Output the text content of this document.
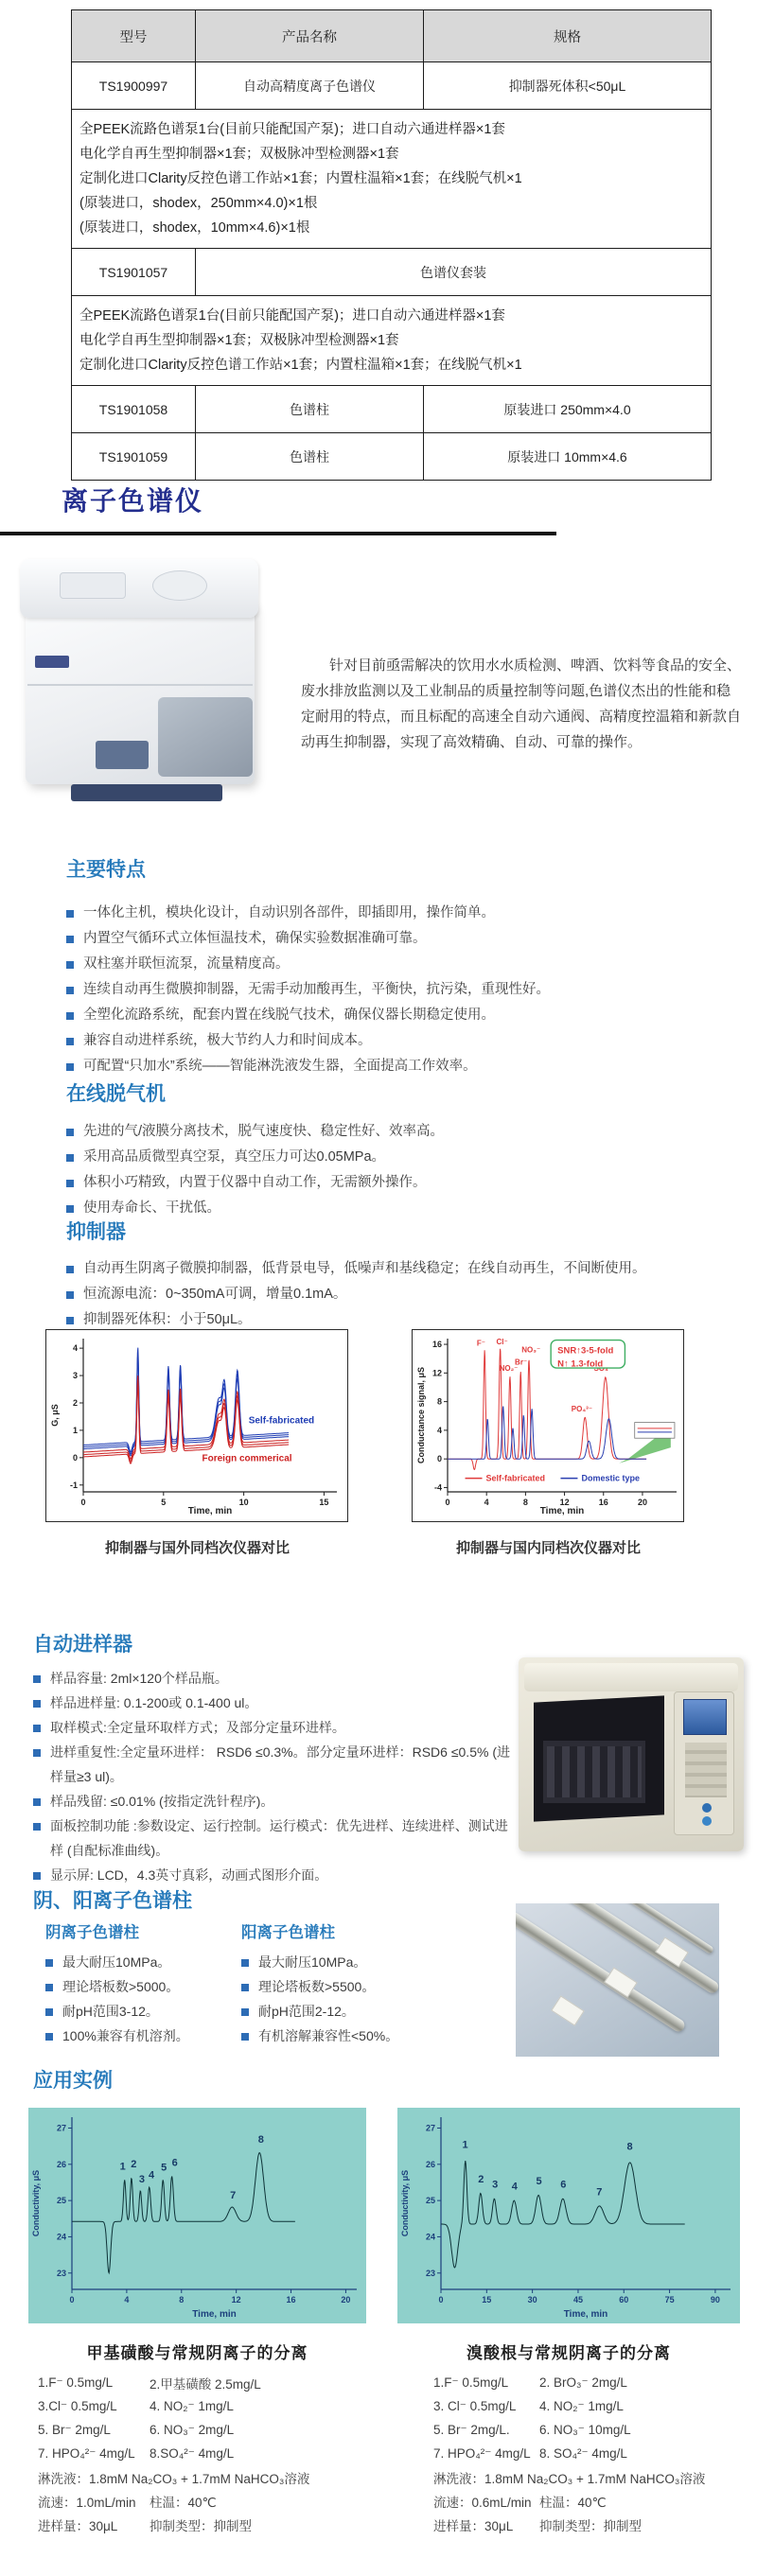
型号	产品名称	规格
TS1900997	自动高精度离子色谱仪	抑制器死体积<50μL

全PEEK流路色谱泵1台(目前只能配国产泵)；进口自动六通进样器×1套
电化学自再生型抑制器×1套；双极脉冲型检测器×1套
定制化进口Clarity反控色谱工作站×1套；内置柱温箱×1套；在线脱气机×1
(原装进口，shodex，250mm×4.0)×1根
(原装进口，shodex，10mm×4.6)×1根		

TS1901057	色谱仪套装	

全PEEK流路色谱泵1台(目前只能配国产泵)；进口自动六通进样器×1套
电化学自再生型抑制器×1套；双极脉冲型检测器×1套
定制化进口Clarity反控色谱工作站×1套；内置柱温箱×1套；在线脱气机×1		

TS1901058	色谱柱	原装进口 250mm×4.0
TS1901059	色谱柱	原装进口 10mm×4.6
离子色谱仪

针对目前亟需解决的饮用水水质检测、啤酒、饮料等食品的安全、废水排放监测以及工业制品的质量控制等问题,色谱仪杰出的性能和稳定耐用的特点，而且标配的高速全自动六通阀、高精度控温箱和新款自动再生抑制器，实现了高效精确、自动、可靠的操作。

主要特点
一体化主机，模块化设计，自动识别各部件，即插即用，操作简单。
内置空气循环式立体恒温技术，确保实验数据准确可靠。
双柱塞并联恒流泵，流量精度高。
连续自动再生微膜抑制器，无需手动加酸再生，平衡快，抗污染，重现性好。
全塑化流路系统，配套内置在线脱气技术，确保仪器长期稳定使用。
兼容自动进样系统，极大节约人力和时间成本。
可配置“只加水”系统——智能淋洗液发生器，全面提高工作效率。
在线脱气机
先进的气/液膜分离技术，脱气速度快、稳定性好、效率高。
采用高品质微型真空泵，真空压力可达0.05MPa。
体积小巧精致，内置于仪器中自动工作，无需额外操作。
使用寿命长、干扰低。
抑制器
自动再生阴离子微膜抑制器，低背景电导，低噪声和基线稳定；在线自动再生，不间断使用。
恒流源电流：0~350mA可调，增量0.1mA。
抑制器死体积：小于50μL。
0	5	10	15
-1
0
1
2
3
4
Time, min
G, μS	Self-fabricated
Foreign commerical
抑制器与国外同档次仪器对比
0	4	8	12	16	20
-4
0
4
8
12
16
Time, min
Conductance signal, μS
F⁻ Cl⁻
NO₂⁻
Br⁻
NO₃⁻
PO₄³⁻
SNR↑3-5-fold
N↑ 1.3-fold
Self-fabricated	Domestic type
抑制器与国内同档次仪器对比
自动进样器
样品容量: 2ml×120个样品瓶。
样品进样量: 0.1-200或 0.1-400 ul。
取样模式:全定量环取样方式；及部分定量环进样。
进样重复性:全定量环进样： RSD6 ≤0.3%。部分定量环进样：RSD6 ≤0.5% (进样量≥3 ul)。
样品残留: ≤0.01% (按指定洗针程序)。
面板控制功能 :参数设定、运行控制。运行模式：优先进样、连续进样、测试进样 (自配标准曲线)。
显示屏: LCD，4.3英寸真彩，动画式图形介面。
阴、阳离子色谱柱
阴离子色谱柱
最大耐压10MPa。
理论塔板数>5000。
耐pH范围3-12。
100%兼容有机溶剂。
阳离子色谱柱
最大耐压10MPa。
理论塔板数>5500。
耐pH范围2-12。
有机溶解兼容性<50%。
应用实例
0	4	8	12	16	20
23
24
25
26
27
Time, min
Conductivity, μS
1 2
3 4
5 6
7
8
甲基磺酸与常规阴离子的分离
0	15	30	45	60	75	90
23
24
25
26
27
Time, min
Conductivity, μS
1
2 3 4 5 6
7
8
溴酸根与常规阴离子的分离
1.F⁻ 0.5mg/L	2.甲基磺酸 2.5mg/L
3.Cl⁻ 0.5mg/L	4. NO₂⁻ 1mg/L
5. Br⁻ 2mg/L	6. NO₃⁻ 2mg/L
7. HPO₄²⁻ 4mg/L	8.SO₄²⁻ 4mg/L
淋洗液：1.8mM Na₂CO₃ + 1.7mM NaHCO₃溶液
流速：1.0mL/min	柱温：40℃
进样量：30μL	抑制类型：抑制型
1.F⁻ 0.5mg/L	2. BrO₃⁻ 2mg/L
3. Cl⁻ 0.5mg/L	4. NO₂⁻ 1mg/L
5. Br⁻ 2mg/L.	6. NO₃⁻ 10mg/L
7. HPO₄²⁻ 4mg/L 8. SO₄²⁻ 4mg/L
淋洗液：1.8mM Na₂CO₃ + 1.7mM NaHCO₃溶液
流速：0.6mL/min 柱温：40℃
进样量：30μL	抑制类型：抑制型
